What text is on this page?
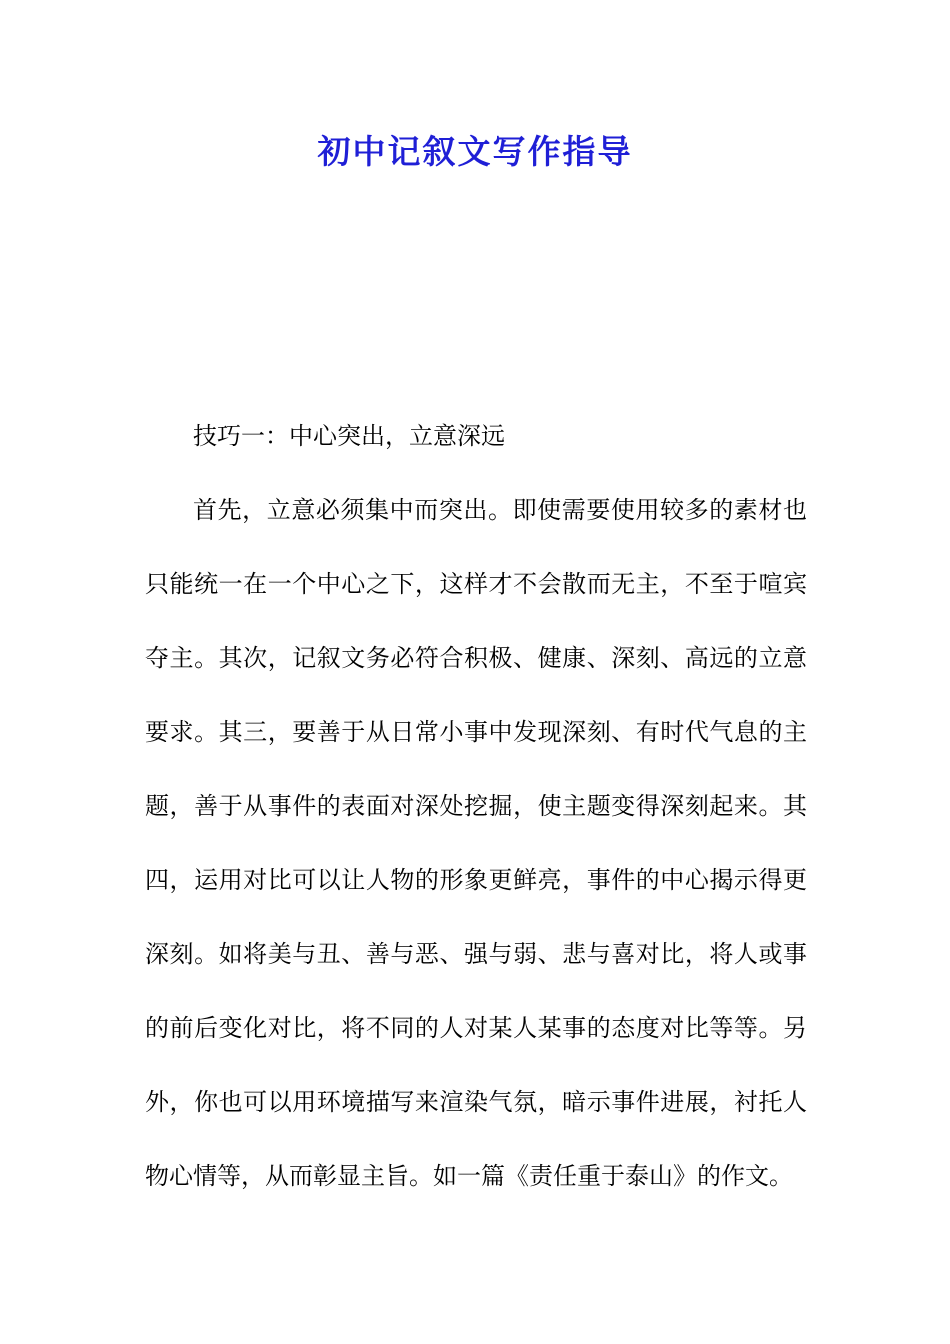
初中记叙文写作指导
技巧一：中心突出，立意深远
首先，立意必须集中而突出。即使需要使用较多的素材也
只能统一在一个中心之下，这样才不会散而无主，不至于喧宾
夺主。其次，记叙文务必符合积极、健康、深刻、高远的立意
要求。其三，要善于从日常小事中发现深刻、有时代气息的主
题，善于从事件的表面对深处挖掘，使主题变得深刻起来。其
四，运用对比可以让人物的形象更鲜亮，事件的中心揭示得更
深刻。如将美与丑、善与恶、强与弱、悲与喜对比，将人或事
的前后变化对比，将不同的人对某人某事的态度对比等等。另
外，你也可以用环境描写来渲染气氛，暗示事件进展，衬托人
物心情等，从而彰显主旨。如一篇《责任重于泰山》的作文。
